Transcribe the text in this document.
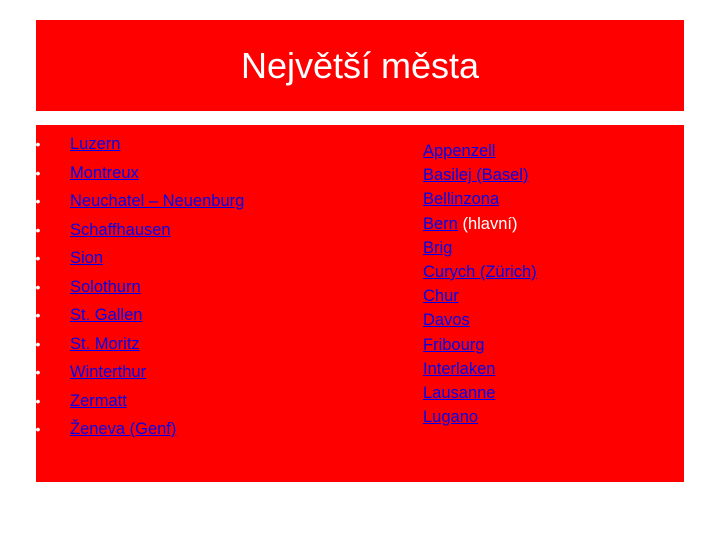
Největší města
•	Luzern
•	Montreux
•	Neuchatel – Neuenburg
•	Schaffhausen
•	Sion
•	Solothurn
•	St. Gallen
•	St. Moritz
•	Winterthur
•	Zermatt
•	Ženeva (Genf)
Appenzell
Basilej (Basel)
Bellinzona
Bern (hlavní)
Brig
Curych (Zürich)
Chur
Davos
Fribourg
Interlaken
Lausanne
Lugano
